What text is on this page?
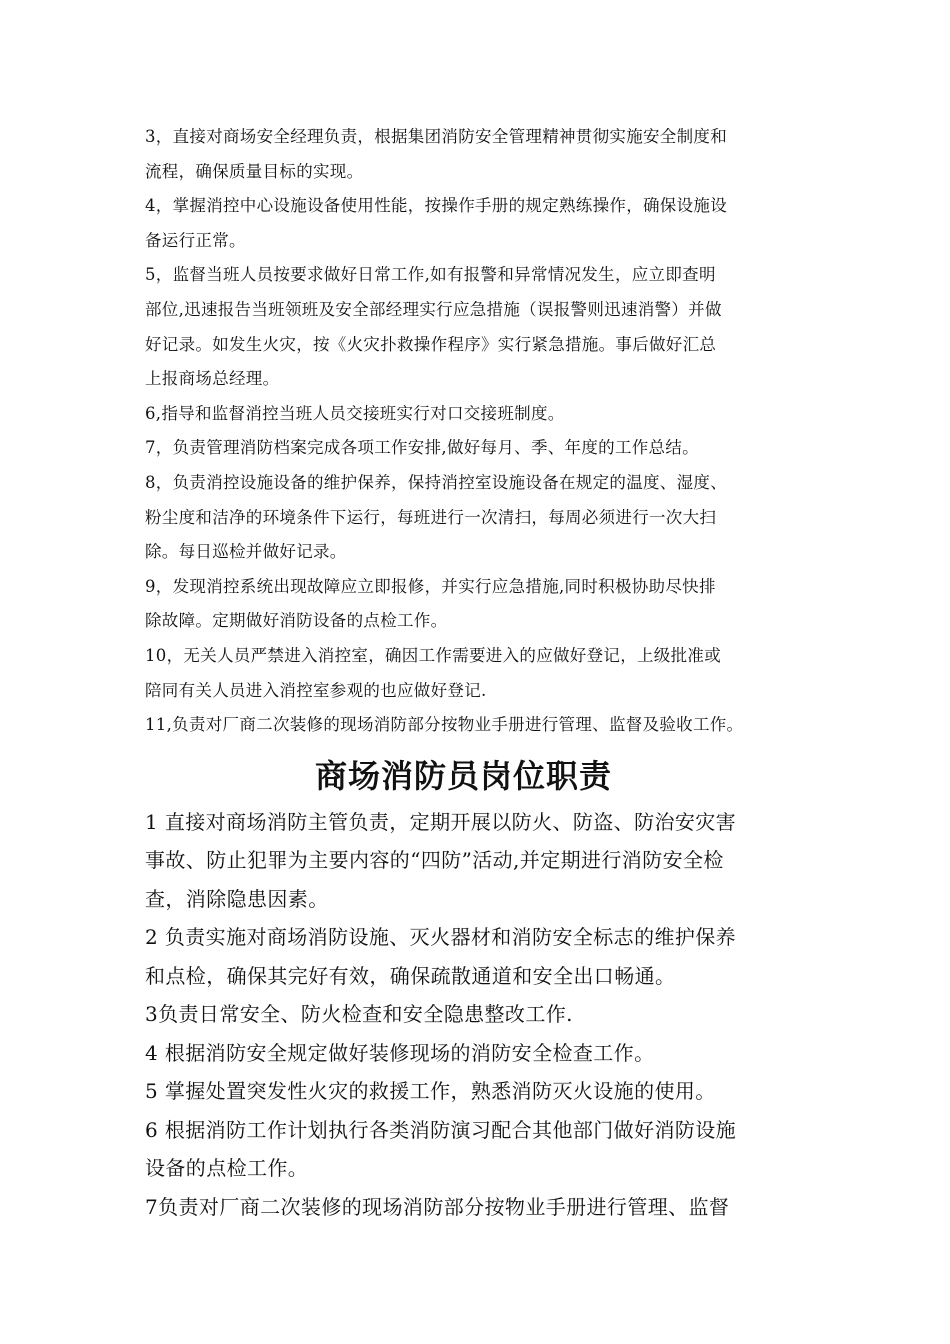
3，直接对商场安全经理负责，根据集团消防安全管理精神贯彻实施安全制度和

流程，确保质量目标的实现。

4，掌握消控中心设施设备使用性能，按操作手册的规定熟练操作，确保设施设

备运行正常。

5，监督当班人员按要求做好日常工作,如有报警和异常情况发生，应立即查明

部位,迅速报告当班领班及安全部经理实行应急措施（误报警则迅速消警）并做

好记录。如发生火灾，按《火灾扑救操作程序》实行紧急措施。事后做好汇总

上报商场总经理。

6,指导和监督消控当班人员交接班实行对口交接班制度。

7，负责管理消防档案完成各项工作安排,做好每月、季、年度的工作总结。

8，负责消控设施设备的维护保养，保持消控室设施设备在规定的温度、湿度、

粉尘度和洁净的环境条件下运行，每班进行一次清扫，每周必须进行一次大扫

除。每日巡检并做好记录。

9，发现消控系统出现故障应立即报修，并实行应急措施,同时积极协助尽快排

除故障。定期做好消防设备的点检工作。

10，无关人员严禁进入消控室，确因工作需要进入的应做好登记，上级批准或

陪同有关人员进入消控室参观的也应做好登记.

11,负责对厂商二次装修的现场消防部分按物业手册进行管理、监督及验收工作。

商场消防员岗位职责

1 直接对商场消防主管负责，定期开展以防火、防盗、防治安灾害

事故、防止犯罪为主要内容的“四防”活动,并定期进行消防安全检

查，消除隐患因素。

2 负责实施对商场消防设施、灭火器材和消防安全标志的维护保养

和点检，确保其完好有效，确保疏散通道和安全出口畅通。

3负责日常安全、防火检查和安全隐患整改工作.

4 根据消防安全规定做好装修现场的消防安全检查工作。

5 掌握处置突发性火灾的救援工作，熟悉消防灭火设施的使用。

6 根据消防工作计划执行各类消防演习配合其他部门做好消防设施

设备的点检工作。

7负责对厂商二次装修的现场消防部分按物业手册进行管理、监督
